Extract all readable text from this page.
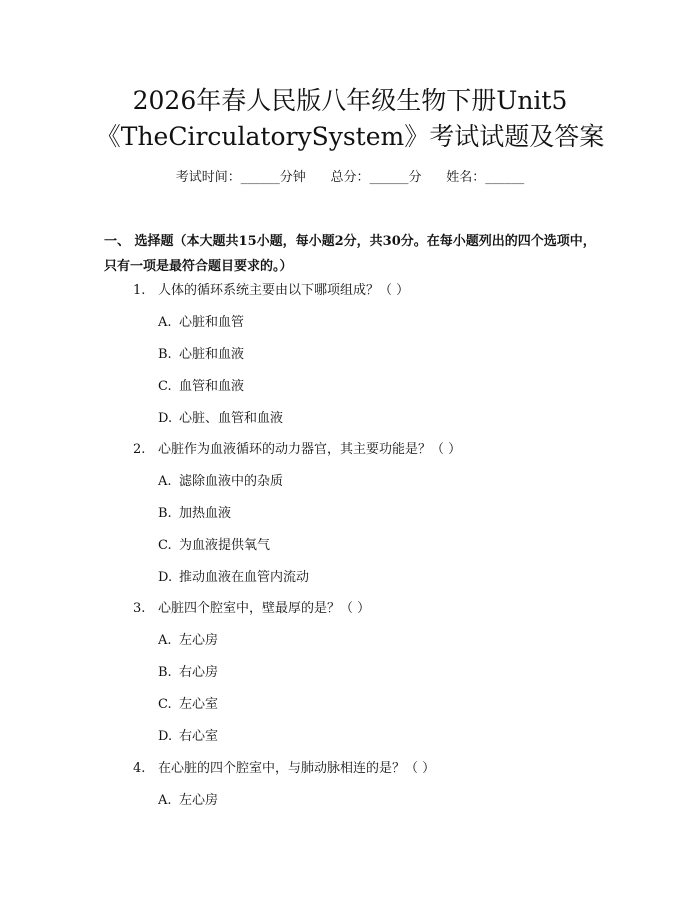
2026年春人民版八年级生物下册Unit5
《TheCirculatorySystem》考试试题及答案
考试时间：______分钟      总分：______分      姓名：______

一、 选择题（本大题共15小题，每小题2分，共30分。在每小题列出的四个选项中，只有一项是最符合题目要求的。）

1. 人体的循环系统主要由以下哪项组成？（ ）
A. 心脏和血管
B. 心脏和血液
C. 血管和血液
D. 心脏、血管和血液
2. 心脏作为血液循环的动力器官，其主要功能是？（ ）
A. 滤除血液中的杂质
B. 加热血液
C. 为血液提供氧气
D. 推动血液在血管内流动
3. 心脏四个腔室中，壁最厚的是？（ ）
A. 左心房
B. 右心房
C. 左心室
D. 右心室
4. 在心脏的四个腔室中，与肺动脉相连的是？（ ）
A. 左心房
